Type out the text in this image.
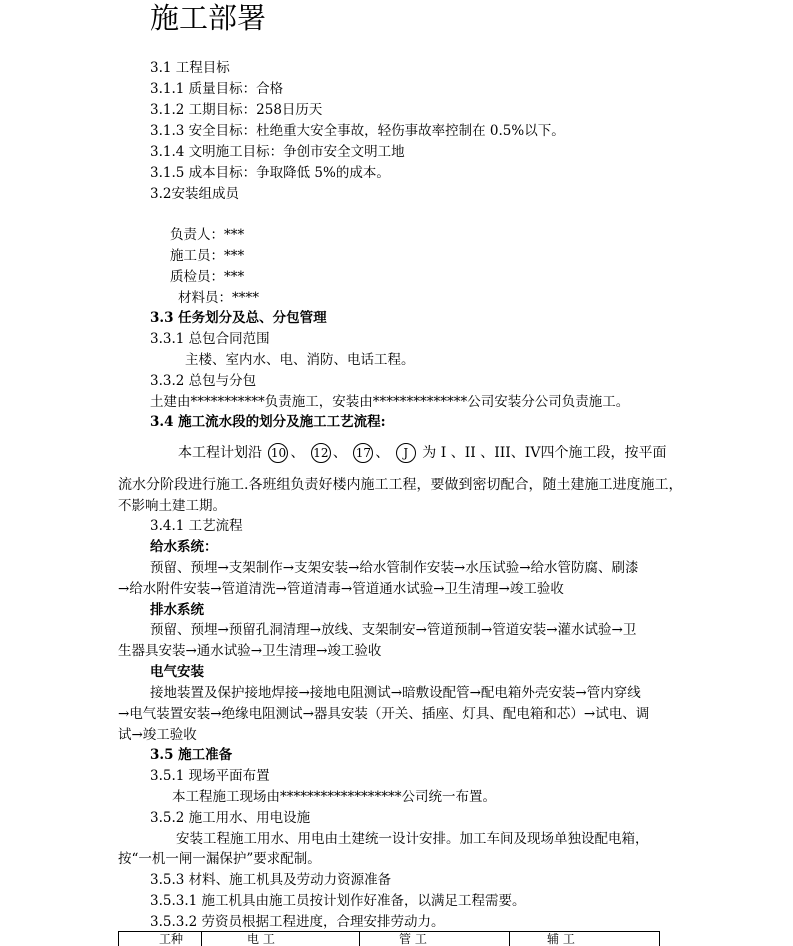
施工部署
3.1 工程目标
3.1.1 质量目标：合格
3.1.2 工期目标：258日历天
3.1.3 安全目标：杜绝重大安全事故，轻伤事故率控制在 0.5%以下。
3.1.4 文明施工目标：争创市安全文明工地
3.1.5 成本目标：争取降低 5%的成本。
3.2安装组成员
负责人：***
施工员：***
质检员：***
材料员：****
3.3 任务划分及总、分包管理
3.3.1 总包合同范围
主楼、室内水、电、消防、电话工程。
3.3.2 总包与分包
土建由***********负责施工，安装由**************公司安装分公司负责施工。
3.4 施工流水段的划分及施工工艺流程:
本工程计划沿 10 、 12 、 17 、 J 为 I 、II 、III、IV四个施工段，按平面
流水分阶段进行施工.各班组负责好楼内施工工程，要做到密切配合，随土建施工进度施工，
不影响土建工期。
3.4.1 工艺流程
给水系统：
预留、预埋→支架制作→支架安装→给水管制作安装→水压试验→给水管防腐、刷漆
→给水附件安装→管道清洗→管道清毒→管道通水试验→卫生清理→竣工验收
排水系统
预留、预埋→预留孔洞清理→放线、支架制安→管道预制→管道安装→灌水试验→卫
生器具安装→通水试验→卫生清理→竣工验收
电气安装
接地装置及保护接地焊接→接地电阻测试→暗敷设配管→配电箱外壳安装→管内穿线
→电气装置安装→绝缘电阻测试→器具安装（开关、插座、灯具、配电箱和芯）→试电、调
试→竣工验收
3.5 施工准备
3.5.1 现场平面布置
本工程施工现场由******************公司统一布置。
3.5.2 施工用水、用电设施
安装工程施工用水、用电由土建统一设计安排。加工车间及现场单独设配电箱，
按“一机一闸一漏保护”要求配制。
3.5.3 材料、施工机具及劳动力资源准备
3.5.3.1 施工机具由施工员按计划作好准备，以满足工程需要。
3.5.3.2 劳资员根据工程进度，合理安排劳动力。
工种	电 工	管 工	辅 工
